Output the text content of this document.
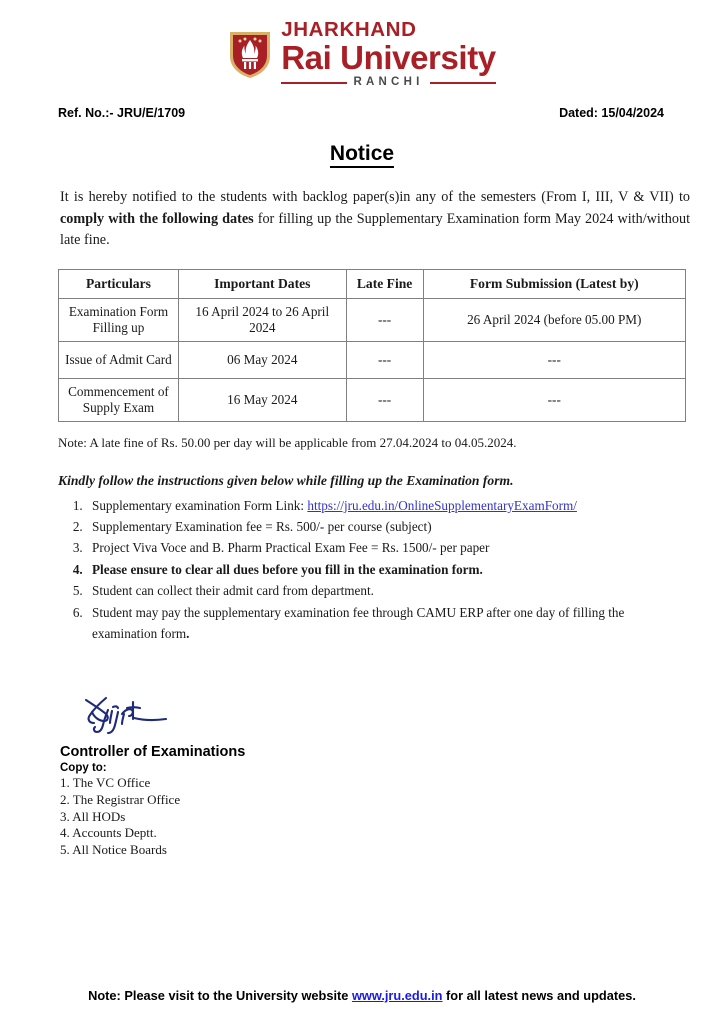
JHARKHAND
Rai University
RANCHI
Ref. No.:- JRU/E/1709	Dated: 15/04/2024
Notice

It is hereby notified to the students with backlog paper(s)in any of the semesters (From I, III, V & VII) to comply with the following dates for filling up the Supplementary Examination form May 2024 with/without late fine.

Particulars	Important Dates	Late Fine	Form Submission (Latest by)
Examination Form Filling up	16 April 2024 to 26 April 2024	---	26 April 2024 (before 05.00 PM)
Issue of Admit Card	06 May 2024	---	---
Commencement of Supply Exam	16 May 2024	---	---
Note: A late fine of Rs. 50.00 per day will be applicable from 27.04.2024 to 04.05.2024.
Kindly follow the instructions given below while filling up the Examination form.
1. Supplementary examination Form Link: https://jru.edu.in/OnlineSupplementaryExamForm/
2. Supplementary Examination fee = Rs. 500/- per course (subject)
3. Project Viva Voce and B. Pharm Practical Exam Fee = Rs. 1500/- per paper
4. Please ensure to clear all dues before you fill in the examination form.
5. Student can collect their admit card from department.
6. Student may pay the supplementary examination fee through CAMU ERP after one day of filling the examination form.
Controller of Examinations
Copy to:
1. The VC Office
2. The Registrar Office
3. All HODs
4. Accounts Deptt.
5. All Notice Boards
Note: Please visit to the University website www.jru.edu.in for all latest news and updates.
